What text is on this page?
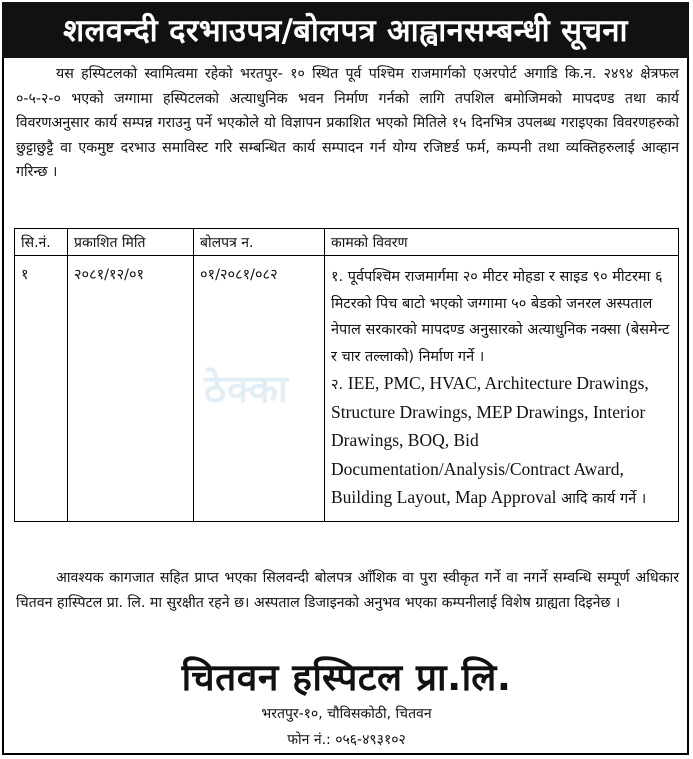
शलवन्दी दरभाउपत्र/बोलपत्र आह्वानसम्बन्धी सूचना

यस हस्पिटलको स्वामित्वमा रहेको भरतपुर- १० स्थित पूर्व पश्चिम राजमार्गको एअरपोर्ट अगाडि कि.न. २४९४ क्षेत्रफल ०-५-२-० भएको जग्गामा हस्पिटलको अत्याधुनिक भवन निर्माण गर्नको लागि तपशिल बमोजिमको मापदण्ड तथा कार्य विवरणअनुसार कार्य सम्पन्न गराउनु पर्ने भएकोले यो विज्ञापन प्रकाशित भएको मितिले १५ दिनभित्र उपलब्ध गराइएका विवरणहरुको छुट्टाछुट्टै वा एकमुष्ट दरभाउ समाविस्ट गरि सम्बन्धित कार्य सम्पादन गर्न योग्य रजिष्टर्ड फर्म, कम्पनी तथा व्यक्तिहरुलाई आव्हान गरिन्छ ।

सि.नं.	प्रकाशित मिति	बोलपत्र न.	कामको विवरण
१	२०८१/१२/०१	०१/२०८१/०८२	१. पूर्वपश्चिम राजमार्गमा २० मीटर मोहडा र साइड ९० मीटरमा ६ मिटरको पिच बाटो भएको जग्गामा ५० बेडको जनरल अस्पताल नेपाल सरकारको मापदण्ड अनुसारको अत्याधुनिक नक्सा (बेसमेन्ट र चार तल्लाको) निर्माण गर्ने ।
२. IEE, PMC, HVAC, Architecture Drawings, Structure Drawings, MEP Drawings, Interior Drawings, BOQ, Bid Documentation/Analysis/Contract Award, Building Layout, Map Approval आदि कार्य गर्ने ।
ठेक्का

आवश्यक कागजात सहित प्राप्त भएका सिलवन्दी बोलपत्र आँशिक वा पुरा स्वीकृत गर्ने वा नगर्ने सम्वन्धि सम्पूर्ण अधिकार चितवन हास्पिटल प्रा. लि. मा सुरक्षीत रहने छ। अस्पताल डिजाइनको अनुभव भएका कम्पनीलाई विशेष ग्राह्यता दिइनेछ ।

चितवन हस्पिटल प्रा.लि.
भरतपुर-१०, चौविसकोठी, चितवन
फोन नं.: ०५६-४९३१०२
